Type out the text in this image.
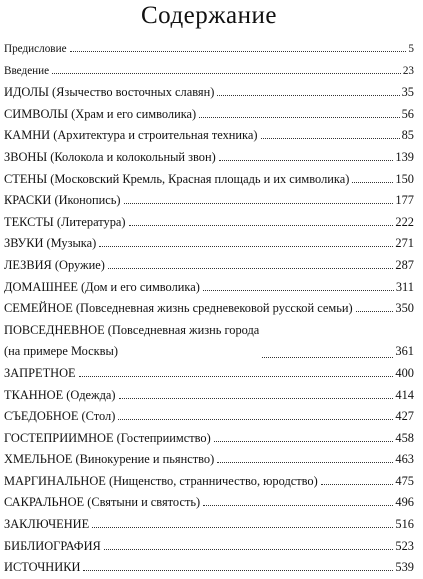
Содержание
Предисловие	5
Введение	23
ИДОЛЫ (Язычество восточных славян)	35
СИМВОЛЫ (Храм и его символика)	56
КАМНИ (Архитектура и строительная техника)	85
ЗВОНЫ (Колокола и колокольный звон)	139
СТЕНЫ (Московский Кремль, Красная площадь и их символика)	150
КРАСКИ (Иконопись)	177
ТЕКСТЫ (Литература)	222
ЗВУКИ (Музыка)	271
ЛЕЗВИЯ (Оружие)	287
ДОМАШНЕЕ (Дом и его символика)	311
СЕМЕЙНОЕ (Повседневная жизнь средневековой русской семьи)	350
ПОВСЕДНЕВНОЕ (Повседневная жизнь города
(на примере Москвы)	361
ЗАПРЕТНОЕ	400
ТКАННОЕ (Одежда)	414
СЪЕДОБНОЕ (Стол)	427
ГОСТЕПРИИМНОЕ (Гостеприимство)	458
ХМЕЛЬНОЕ (Винокурение и пьянство)	463
МАРГИНАЛЬНОЕ (Нищенство, странничество, юродство)	475
САКРАЛЬНОЕ (Святыни и святость)	496
ЗАКЛЮЧЕНИЕ	516
БИБЛИОГРАФИЯ	523
ИСТОЧНИКИ	539
